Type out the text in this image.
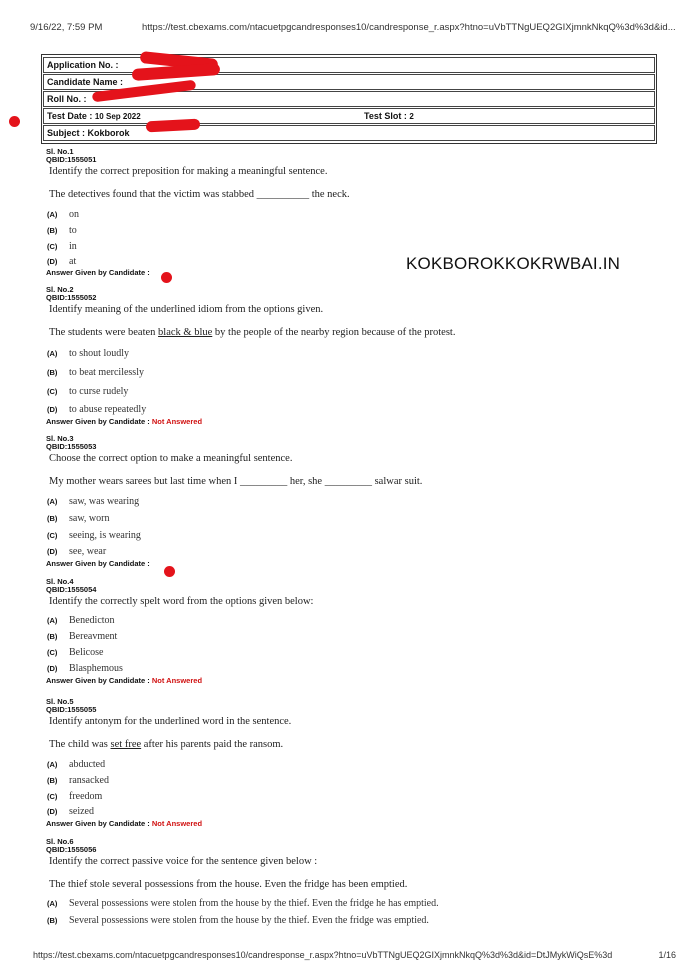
9/16/22, 7:59 PM	https://test.cbexams.com/ntacuetpgcandresponses10/candresponse_r.aspx?htno=uVbTTNgUEQ2GIXjmnkNkqQ%3d%3d&id...
Application No. :
Candidate Name :
Roll No. :
Test Date : 10 Sep 2022	Test Slot : 2
Subject : Kokborok
KOKBOROKKOKRWBAI.IN
Sl. No.1
QBID:1555051
Identify the correct preposition for making a meaningful sentence.
The detectives found that the victim was stabbed __________ the neck.
(A)	on
(B)	to
(C)	in
(D)	at
Answer Given by Candidate :
Sl. No.2
QBID:1555052
Identify meaning of the underlined idiom from the options given.
The students were beaten black & blue by the people of the nearby region because of the protest.
(A)	to shout loudly
(B)	to beat mercilessly
(C)	to curse rudely
(D)	to abuse repeatedly
Answer Given by Candidate : Not Answered
Sl. No.3
QBID:1555053
Choose the correct option to make a meaningful sentence.
My mother wears sarees but last time when I _________ her, she _________ salwar suit.
(A)	saw, was wearing
(B)	saw, worn
(C)	seeing, is wearing
(D)	see, wear
Answer Given by Candidate :
Sl. No.4
QBID:1555054
Identify the correctly spelt word from the options given below:
(A)	Benedicton
(B)	Bereavment
(C)	Belicose
(D)	Blasphemous
Answer Given by Candidate : Not Answered
Sl. No.5
QBID:1555055
Identify antonym for the underlined word in the sentence.
The child was set free after his parents paid the ransom.
(A)	abducted
(B)	ransacked
(C)	freedom
(D)	seized
Answer Given by Candidate : Not Answered
Sl. No.6
QBID:1555056
Identify the correct passive voice for the sentence given below :
The thief stole several possessions from the house. Even the fridge has been emptied.
(A)	Several possessions were stolen from the house by the thief. Even the fridge he has emptied.
(B)	Several possessions were stolen from the house by the thief. Even the fridge was emptied.
https://test.cbexams.com/ntacuetpgcandresponses10/candresponse_r.aspx?htno=uVbTTNgUEQ2GIXjmnkNkqQ%3d%3d&id=DtJMykWiQsE%3d	1/16
